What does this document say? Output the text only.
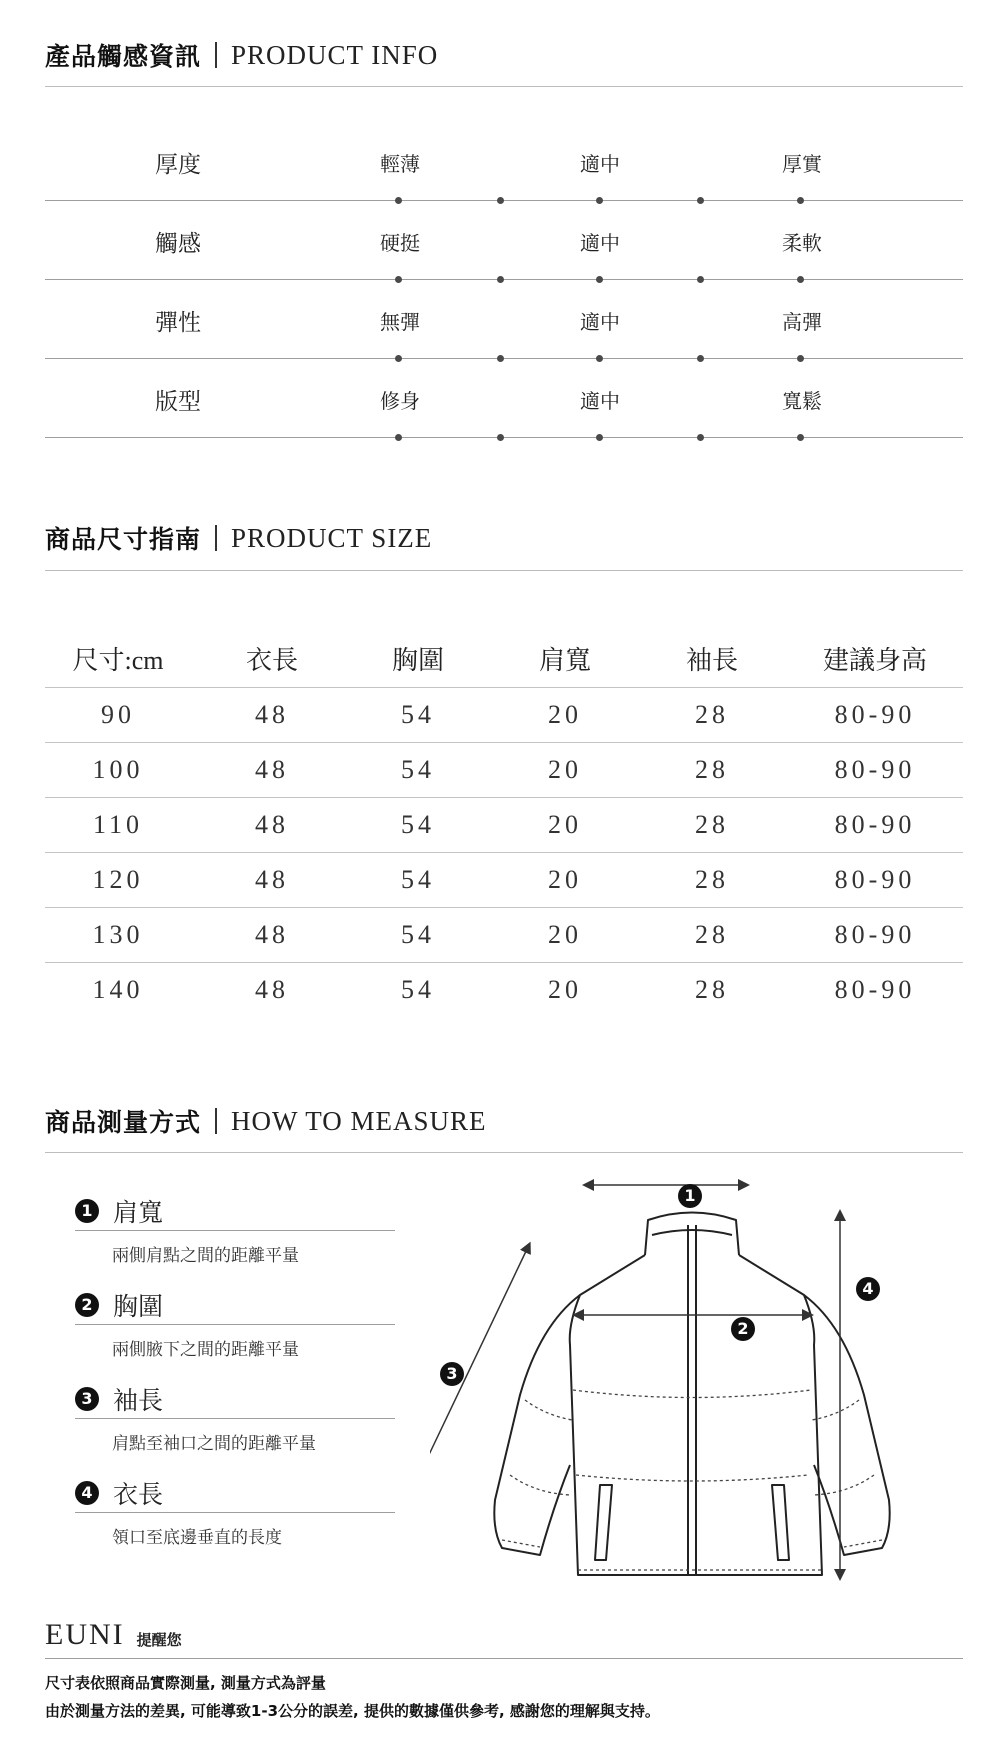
產品觸感資訊 PRODUCT INFO
厚度	輕薄	適中	厚實
觸感	硬挺	適中	柔軟
彈性	無彈	適中	高彈
版型	修身	適中	寬鬆
商品尺寸指南 PRODUCT SIZE
尺寸:cm	衣長	胸圍	肩寬	袖長	建議身高
90	48	54	20	28	80-90
100	48	54	20	28	80-90
110	48	54	20	28	80-90
120	48	54	20	28	80-90
130	48	54	20	28	80-90
140	48	54	20	28	80-90
商品測量方式 HOW TO MEASURE
1 肩寬
兩側肩點之間的距離平量
2 胸圍
兩側腋下之間的距離平量
3 袖長
肩點至袖口之間的距離平量
4 衣長
領口至底邊垂直的長度
1
2
3
4
EUNI 提醒您
尺寸表依照商品實際測量, 測量方式為評量
由於測量方法的差異, 可能導致1-3公分的誤差, 提供的數據僅供參考, 感謝您的理解與支持。
